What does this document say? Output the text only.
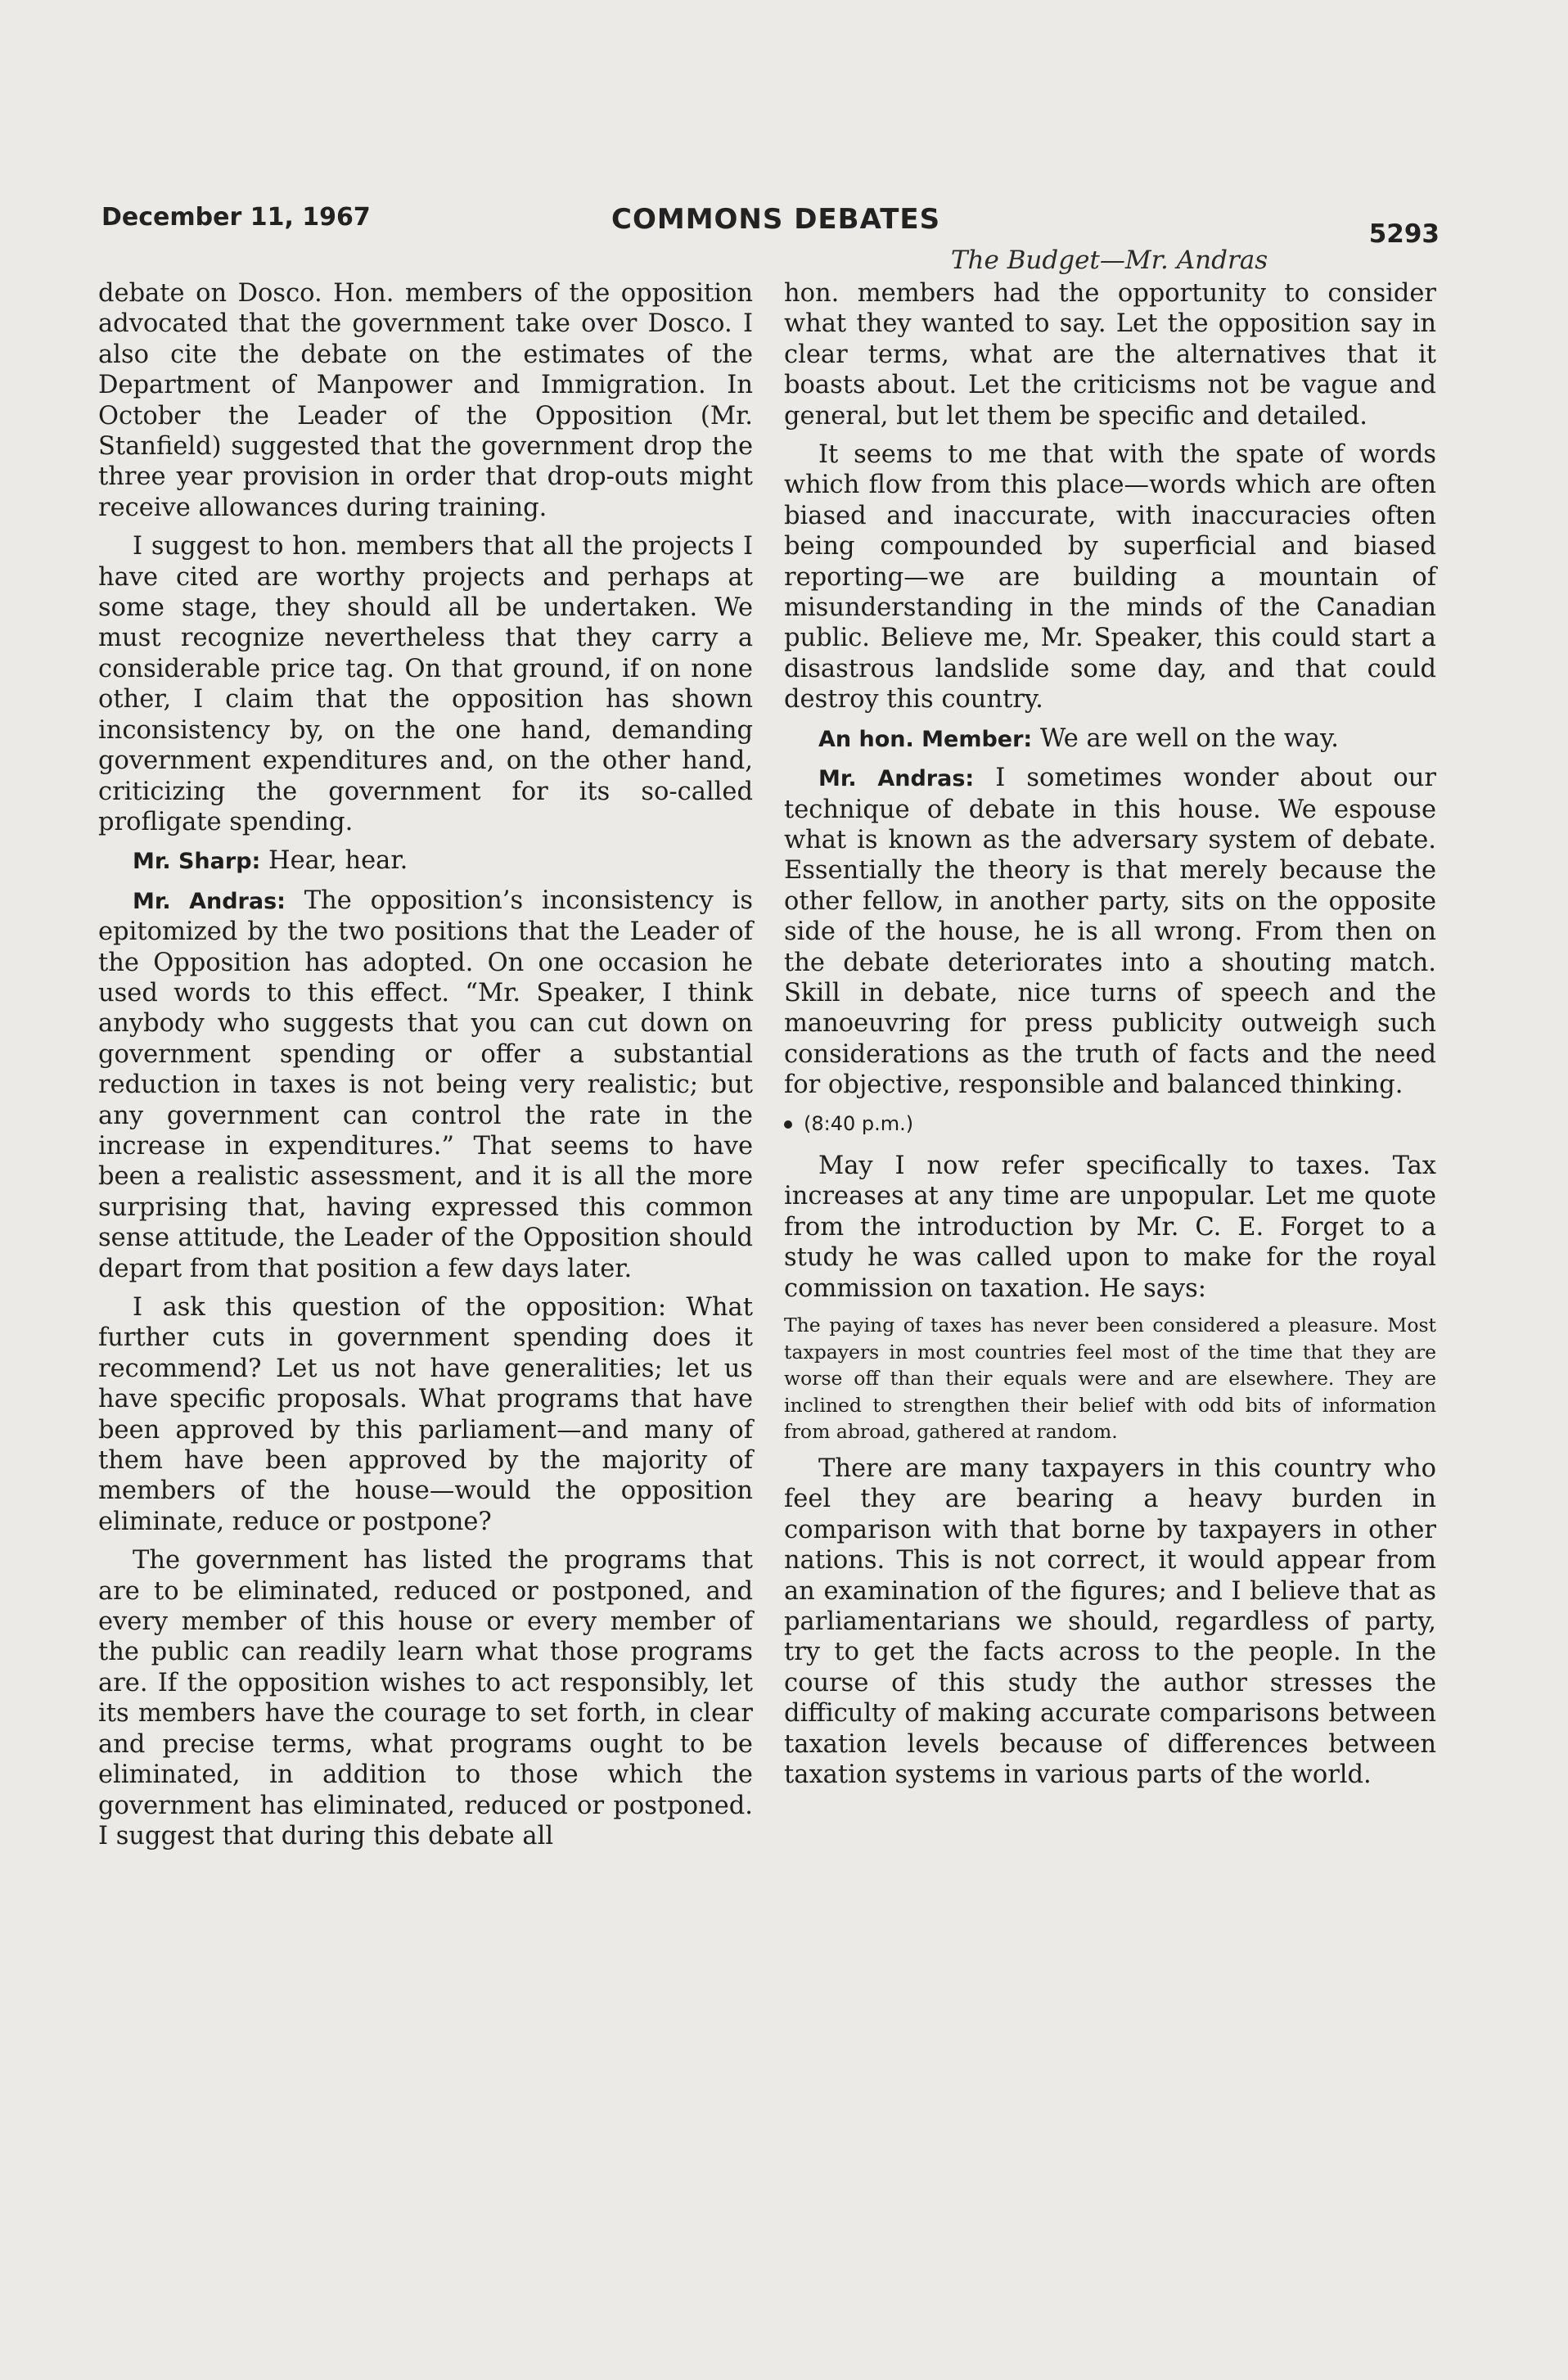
December 11, 1967	COMMONS DEBATES	5293
The Budget—Mr. Andras

debate on Dosco. Hon. members of the opposition advocated that the government take over Dosco. I also cite the debate on the estimates of the Department of Manpower and Immigration. In October the Leader of the Opposition (Mr. Stanfield) suggested that the government drop the three year provision in order that drop-outs might receive allowances during training.

I suggest to hon. members that all the projects I have cited are worthy projects and perhaps at some stage, they should all be undertaken. We must recognize nevertheless that they carry a considerable price tag. On that ground, if on none other, I claim that the opposition has shown inconsistency by, on the one hand, demanding government expenditures and, on the other hand, criticizing the government for its so-called profligate spending.

Mr. Sharp: Hear, hear.

Mr. Andras: The opposition’s inconsistency is epitomized by the two positions that the Leader of the Opposition has adopted. On one occasion he used words to this effect. “Mr. Speaker, I think anybody who suggests that you can cut down on government spending or offer a substantial reduction in taxes is not being very realistic; but any government can control the rate in the increase in expenditures.” That seems to have been a realistic assessment, and it is all the more surprising that, having expressed this common sense attitude, the Leader of the Opposition should depart from that position a few days later.

I ask this question of the opposition: What further cuts in government spending does it recommend? Let us not have generalities; let us have specific proposals. What programs that have been approved by this parliament—and many of them have been approved by the majority of members of the house—would the opposition eliminate, reduce or postpone?

The government has listed the programs that are to be eliminated, reduced or postponed, and every member of this house or every member of the public can readily learn what those programs are. If the opposition wishes to act responsibly, let its members have the courage to set forth, in clear and precise terms, what programs ought to be eliminated, in addition to those which the government has eliminated, reduced or postponed. I suggest that during this debate all

hon. members had the opportunity to consider what they wanted to say. Let the opposition say in clear terms, what are the alternatives that it boasts about. Let the criticisms not be vague and general, but let them be specific and detailed.

It seems to me that with the spate of words which flow from this place—words which are often biased and inaccurate, with inaccuracies often being compounded by superficial and biased reporting—we are building a mountain of misunderstanding in the minds of the Canadian public. Believe me, Mr. Speaker, this could start a disastrous landslide some day, and that could destroy this country.

An hon. Member: We are well on the way.

Mr. Andras: I sometimes wonder about our technique of debate in this house. We espouse what is known as the adversary system of debate. Essentially the theory is that merely because the other fellow, in another party, sits on the opposite side of the house, he is all wrong. From then on the debate deteriorates into a shouting match. Skill in debate, nice turns of speech and the manoeuvring for press publicity outweigh such considerations as the truth of facts and the need for objective, responsible and balanced thinking.

(8:40 p.m.)

May I now refer specifically to taxes. Tax increases at any time are unpopular. Let me quote from the introduction by Mr. C. E. Forget to a study he was called upon to make for the royal commission on taxation. He says:

The paying of taxes has never been considered a pleasure. Most taxpayers in most countries feel most of the time that they are worse off than their equals were and are elsewhere. They are inclined to strengthen their belief with odd bits of information from abroad, gathered at random.

There are many taxpayers in this country who feel they are bearing a heavy burden in comparison with that borne by taxpayers in other nations. This is not correct, it would appear from an examination of the figures; and I believe that as parliamentarians we should, regardless of party, try to get the facts across to the people. In the course of this study the author stresses the difficulty of making accurate comparisons between taxation levels because of differences between taxation systems in various parts of the world.
